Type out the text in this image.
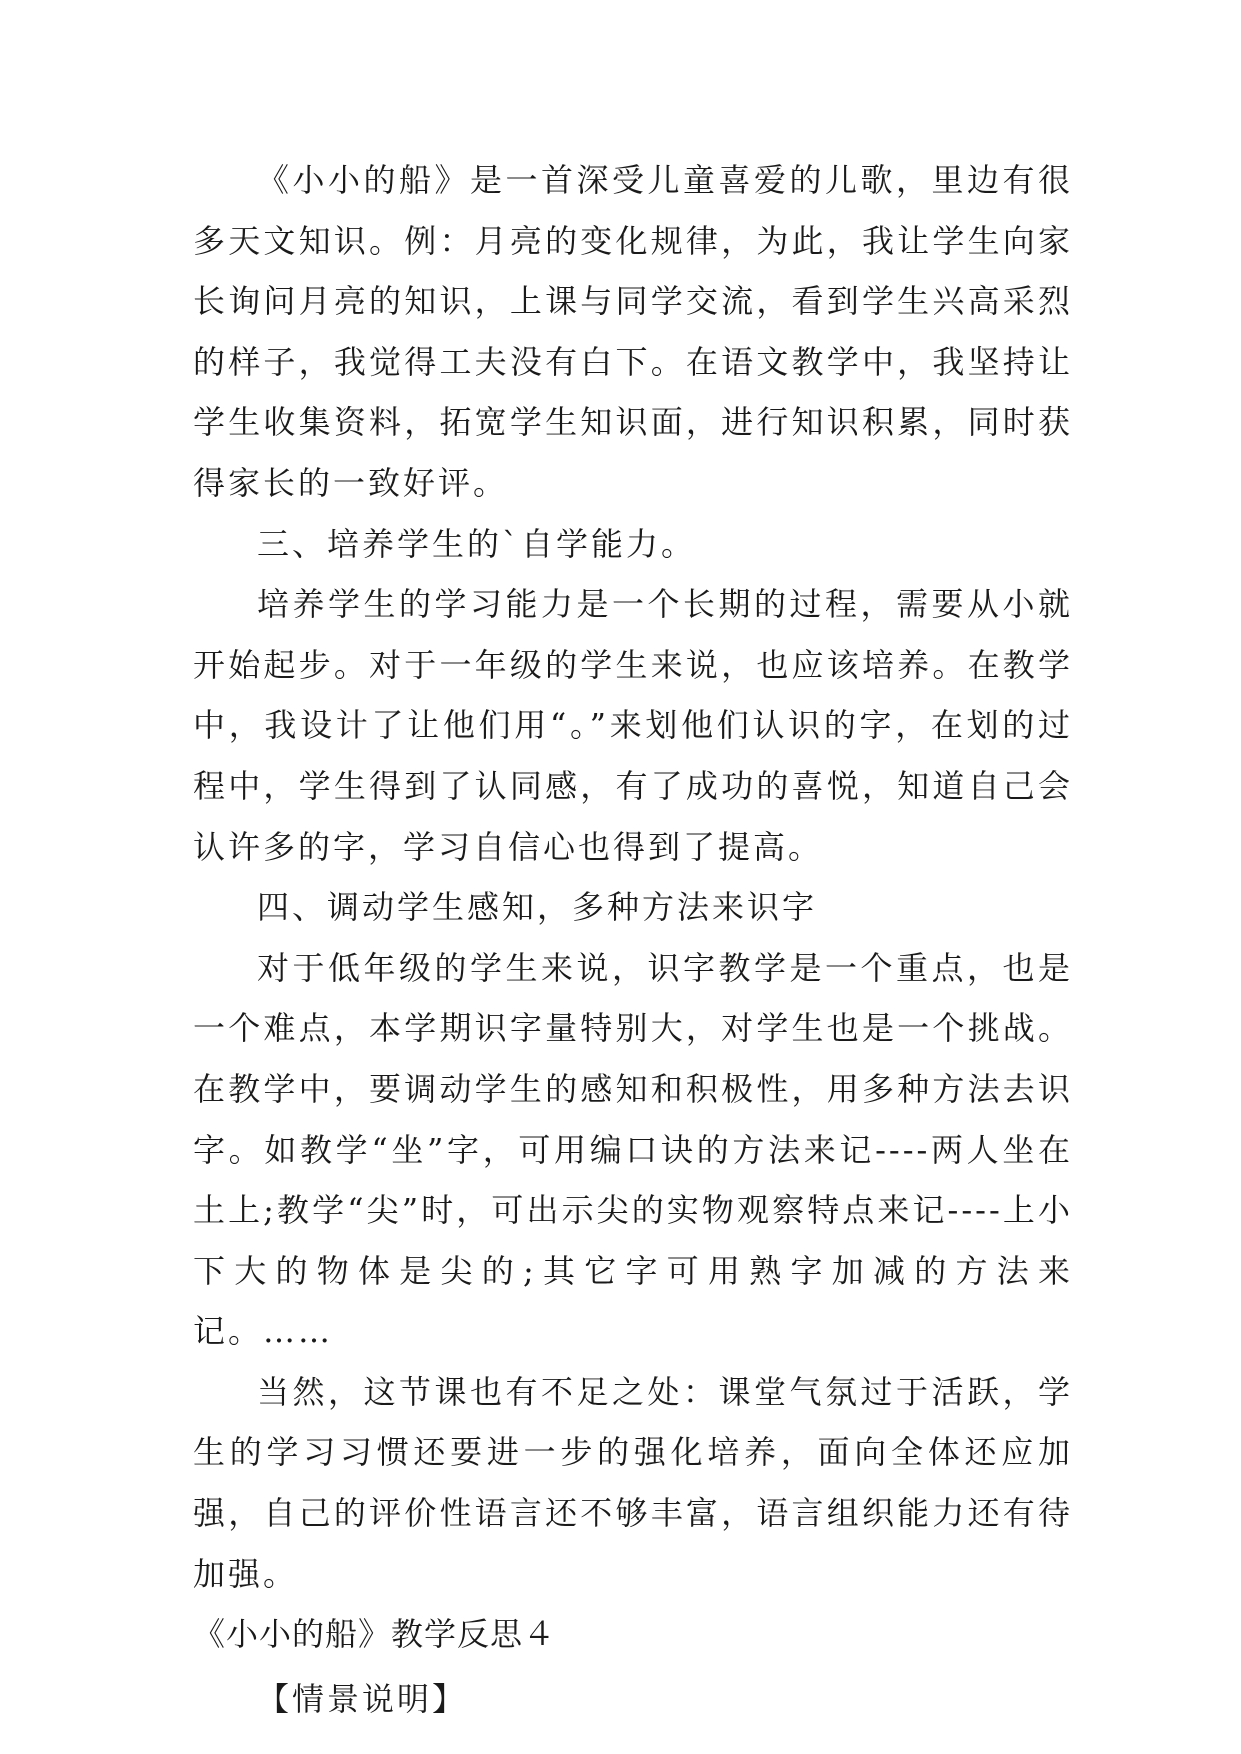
《小小的船》是一首深受儿童喜爱的儿歌，里边有很多天文知识。例：月亮的变化规律，为此，我让学生向家长询问月亮的知识，上课与同学交流，看到学生兴高采烈的样子，我觉得工夫没有白下。在语文教学中，我坚持让学生收集资料，拓宽学生知识面，进行知识积累，同时获得家长的一致好评。

三、培养学生的`自学能力。

培养学生的学习能力是一个长期的过程，需要从小就开始起步。对于一年级的学生来说，也应该培养。在教学中，我设计了让他们用“。”来划他们认识的字，在划的过程中，学生得到了认同感，有了成功的喜悦，知道自己会认许多的字，学习自信心也得到了提高。

四、调动学生感知，多种方法来识字

对于低年级的学生来说，识字教学是一个重点，也是一个难点，本学期识字量特别大，对学生也是一个挑战。在教学中，要调动学生的感知和积极性，用多种方法去识字。如教学“坐”字，可用编口诀的方法来记----两人坐在土上;教学“尖”时，可出示尖的实物观察特点来记----上小下大的物体是尖的;其它字可用熟字加减的方法来记。……

当然，这节课也有不足之处：课堂气氛过于活跃，学生的学习习惯还要进一步的强化培养，面向全体还应加强，自己的评价性语言还不够丰富，语言组织能力还有待加强。

《小小的船》教学反思４

【情景说明】
